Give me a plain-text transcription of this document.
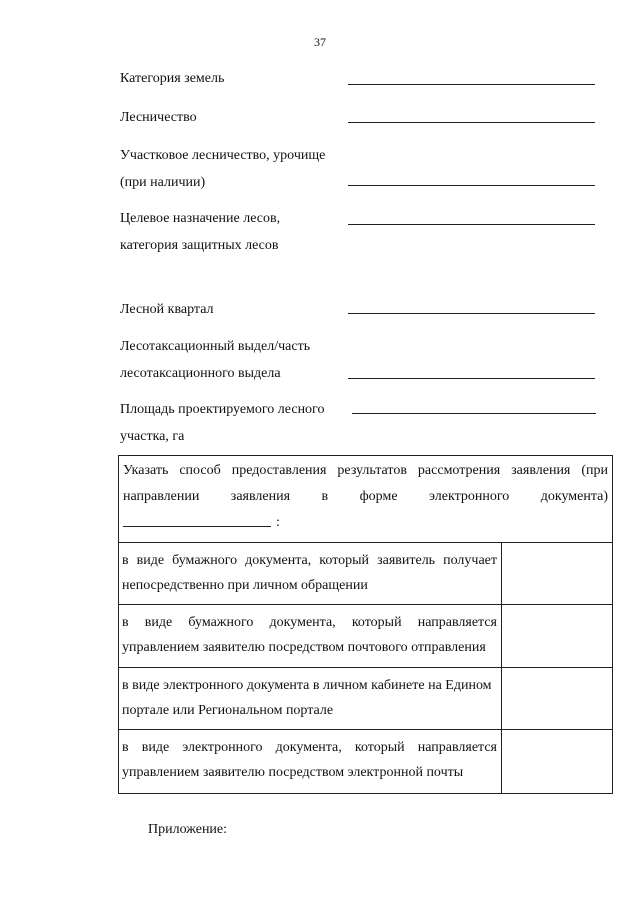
37
Категория земель
Лесничество
Участковое лесничество, урочище
(при наличии)
Целевое назначение лесов,
категория защитных лесов
Лесной квартал
Лесотаксационный выдел/часть
лесотаксационного выдела
Площадь проектируемого лесного
участка, га
Указать способ предоставления результатов рассмотрения заявления (при
направлении заявления в форме электронного документа)
:
в виде бумажного документа, который заявитель получает
непосредственно при личном обращении
в виде бумажного документа, который направляется
управлением заявителю посредством почтового отправления
в виде электронного документа в личном кабинете на Едином
портале или Региональном портале
в виде электронного документа, который направляется
управлением заявителю посредством электронной почты
Приложение:
